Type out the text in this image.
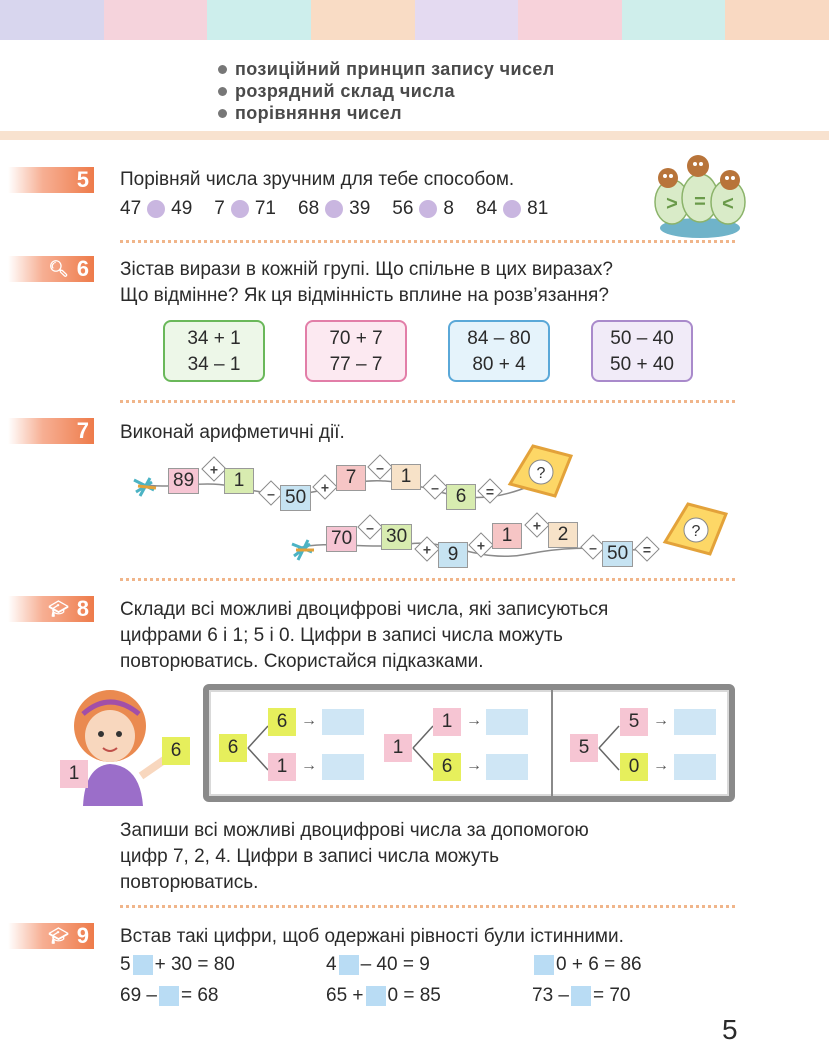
позиційний принцип запису чисел
розрядний склад числа
порівняння чисел
5 Порівняй числа зручним для тебе способом.
47 49 7 71 68 39 56 8 84 81	> = <
🔍︎ 6 Зістав вирази в кожній групі. Що спільне в цих виразах?
Що відмінне? Як ця відмінність вплине на розв’язання?
34 + 1
34 – 1
70 + 7
77 – 7
84 – 80
80 + 4
50 – 40
50 + 40
7 Виконай арифметичні дії.
89
+
1
– 50	+ 7	– 1
– 6	=
?
70
– 30
+ 9	+ 1	+ 2
– 50	=
?
🎓︎ 8 Склади всі можливі двоцифрові числа, які записуються
цифрами 6 і 1; 5 і 0. Цифри в записі числа можуть
повторюватись. Скористайся підказками.
1
6	6
6
1
→
→
1
1
6
→
→
5
5
0
→
→
Запиши всі можливі двоцифрові числа за допомогою
цифр 7, 2, 4. Цифри в записі числа можуть
повторюватись.
🎓︎ 9 Встав такі цифри, щоб одержані рівності були істинними.
5 + 30 = 80	4 – 40 = 9	0 + 6 = 86
69 – = 68	65 + 0 = 85	73 – = 70
5
